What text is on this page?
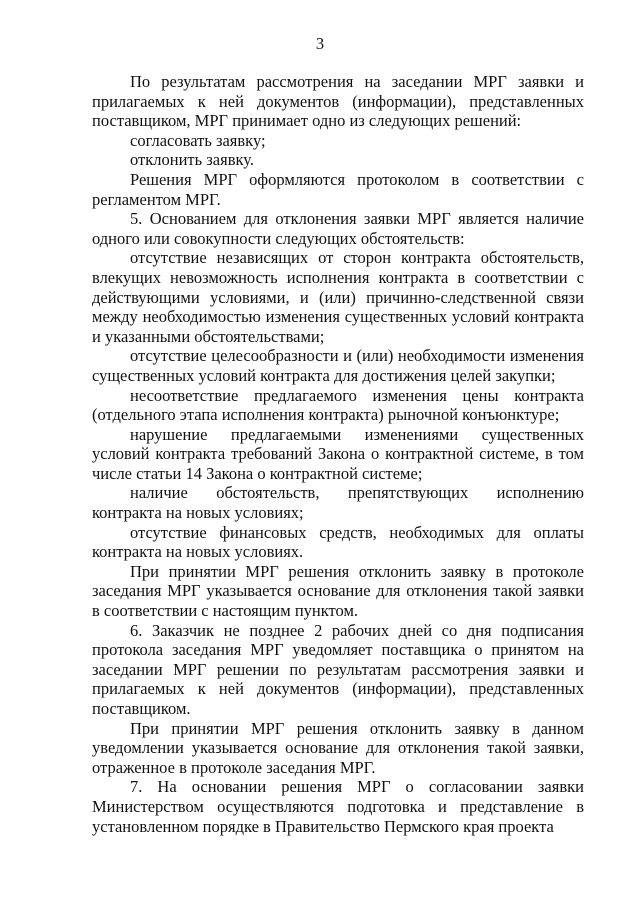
3

По результатам рассмотрения на заседании МРГ заявки и прилагаемых к ней документов (информации), представленных поставщиком, МРГ принимает одно из следующих решений:

согласовать заявку;

отклонить заявку.

Решения МРГ оформляются протоколом в соответствии с регламентом МРГ.

5. Основанием для отклонения заявки МРГ является наличие одного или совокупности следующих обстоятельств:

отсутствие независящих от сторон контракта обстоятельств, влекущих невозможность исполнения контракта в соответствии с действующими условиями, и (или) причинно-следственной связи между необходимостью изменения существенных условий контракта и указанными обстоятельствами;

отсутствие целесообразности и (или) необходимости изменения существенных условий контракта для достижения целей закупки;

несоответствие предлагаемого изменения цены контракта (отдельного этапа исполнения контракта) рыночной конъюнктуре;

нарушение предлагаемыми изменениями существенных условий контракта требований Закона о контрактной системе, в том числе статьи 14 Закона о контрактной системе;

наличие обстоятельств, препятствующих исполнению контракта на новых условиях;

отсутствие финансовых средств, необходимых для оплаты контракта на новых условиях.

При принятии МРГ решения отклонить заявку в протоколе заседания МРГ указывается основание для отклонения такой заявки в соответствии с настоящим пунктом.

6. Заказчик не позднее 2 рабочих дней со дня подписания протокола заседания МРГ уведомляет поставщика о принятом на заседании МРГ решении по результатам рассмотрения заявки и прилагаемых к ней документов (информации), представленных поставщиком.

При принятии МРГ решения отклонить заявку в данном уведомлении указывается основание для отклонения такой заявки, отраженное в протоколе заседания МРГ.

7. На основании решения МРГ о согласовании заявки Министерством осуществляются подготовка и представление в установленном порядке в Правительство Пермского края проекта
